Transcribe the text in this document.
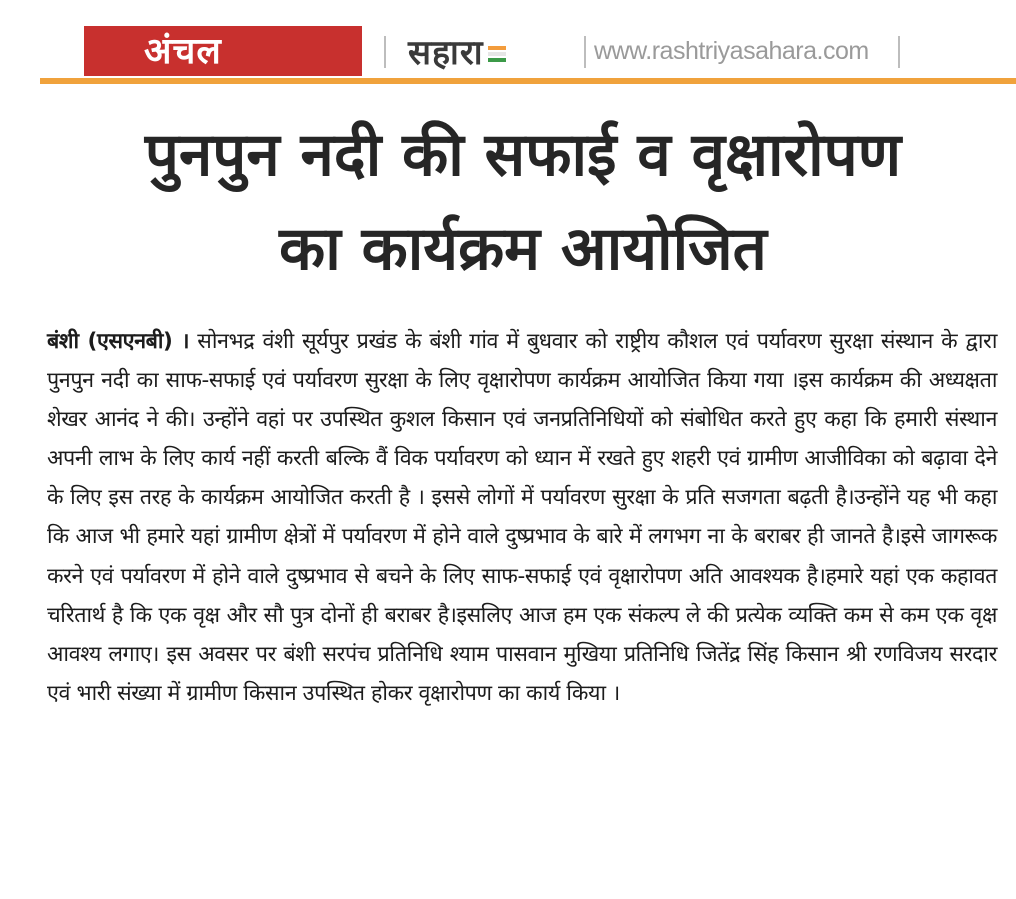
अंचल	सहारा	www.rashtriyasahara.com
पुनपुन नदी की सफाई व वृक्षारोपण
का कार्यक्रम आयोजित
बंशी (एसएनबी) । सोनभद्र वंशी सूर्यपुर प्रखंड के बंशी गांव में बुधवार को राष्ट्रीय कौशल एवं पर्यावरण सुरक्षा संस्थान के द्वारा पुनपुन नदी का साफ-सफाई एवं पर्यावरण सुरक्षा के लिए वृक्षारोपण कार्यक्रम आयोजित किया गया ।इस कार्यक्रम की अध्यक्षता शेखर आनंद ने की। उन्होंने वहां पर उपस्थित कुशल किसान एवं जनप्रतिनिधियों को संबोधित करते हुए कहा कि हमारी संस्थान अपनी लाभ के लिए कार्य नहीं करती बल्कि वैं विक पर्यावरण को ध्यान में रखते हुए शहरी एवं ग्रामीण आजीविका को बढ़ावा देने के लिए इस तरह के कार्यक्रम आयोजित करती है । इससे लोगों में पर्यावरण सुरक्षा के प्रति सजगता बढ़ती है।उन्होंने यह भी कहा कि आज भी हमारे यहां ग्रामीण क्षेत्रों में पर्यावरण में होने वाले दुष्प्रभाव के बारे में लगभग ना के बराबर ही जानते है।इसे जागरूक करने एवं पर्यावरण में होने वाले दुष्प्रभाव से बचने के लिए साफ-सफाई एवं वृक्षारोपण अति आवश्यक है।हमारे यहां एक कहावत चरितार्थ है कि एक वृक्ष और सौ पुत्र दोनों ही बराबर है।इसलिए आज हम एक संकल्प ले की प्रत्येक व्यक्ति कम से कम एक वृक्ष आवश्य लगाए। इस अवसर पर बंशी सरपंच प्रतिनिधि श्याम पासवान मुखिया प्रतिनिधि जितेंद्र सिंह किसान श्री रणविजय सरदार एवं भारी संख्या में ग्रामीण किसान उपस्थित होकर वृक्षारोपण का कार्य किया ।
